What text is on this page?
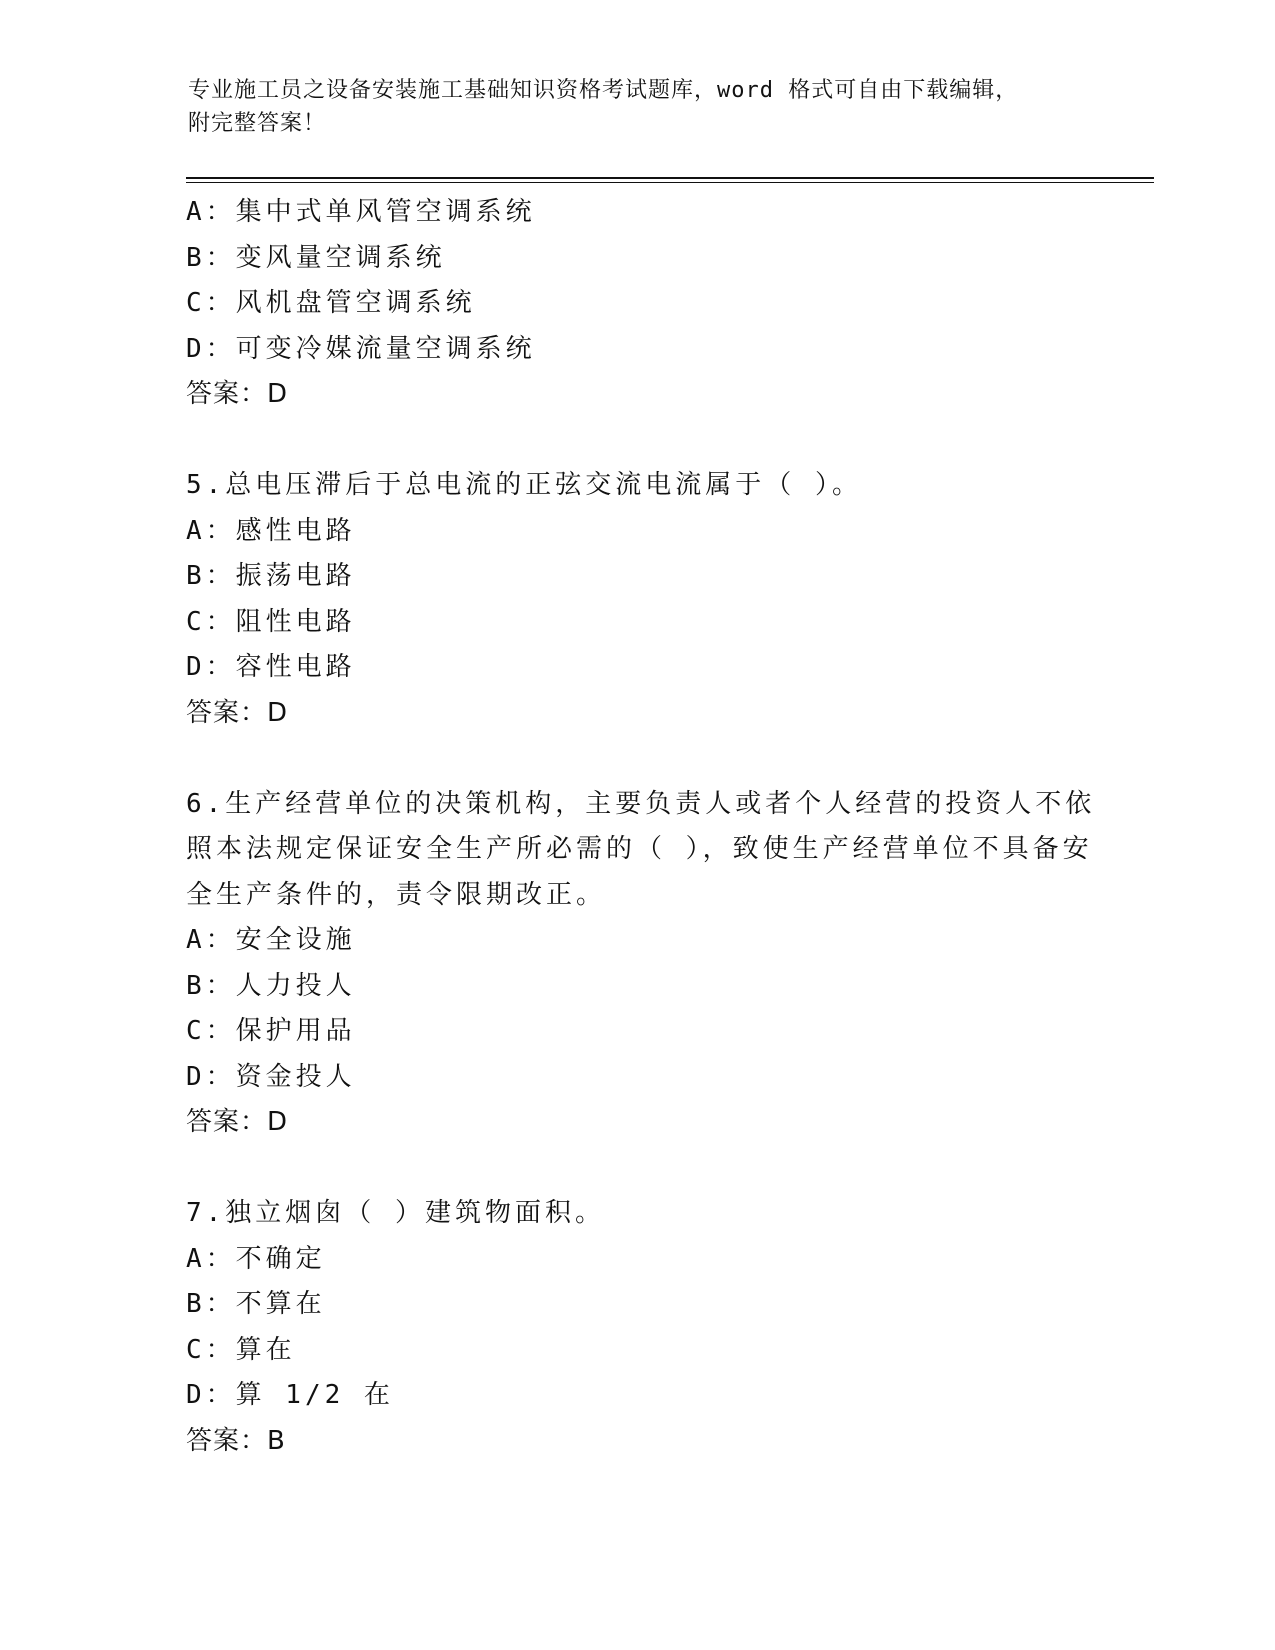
专业施工员之设备安装施工基础知识资格考试题库，word 格式可自由下载编辑，
附完整答案！
A：集中式单风管空调系统
B：变风量空调系统
C：风机盘管空调系统
D：可变冷媒流量空调系统
答案：D
5.总电压滞后于总电流的正弦交流电流属于（ ）。
A：感性电路
B：振荡电路
C：阻性电路
D：容性电路
答案：D
6.生产经营单位的决策机构，主要负责人或者个人经营的投资人不依
照本法规定保证安全生产所必需的（ ），致使生产经营单位不具备安
全生产条件的，责令限期改正。
A：安全设施
B：人力投人
C：保护用品
D：资金投人
答案：D
7.独立烟囱（ ）建筑物面积。
A：不确定
B：不算在
C：算在
D：算 1/2 在
答案：B
